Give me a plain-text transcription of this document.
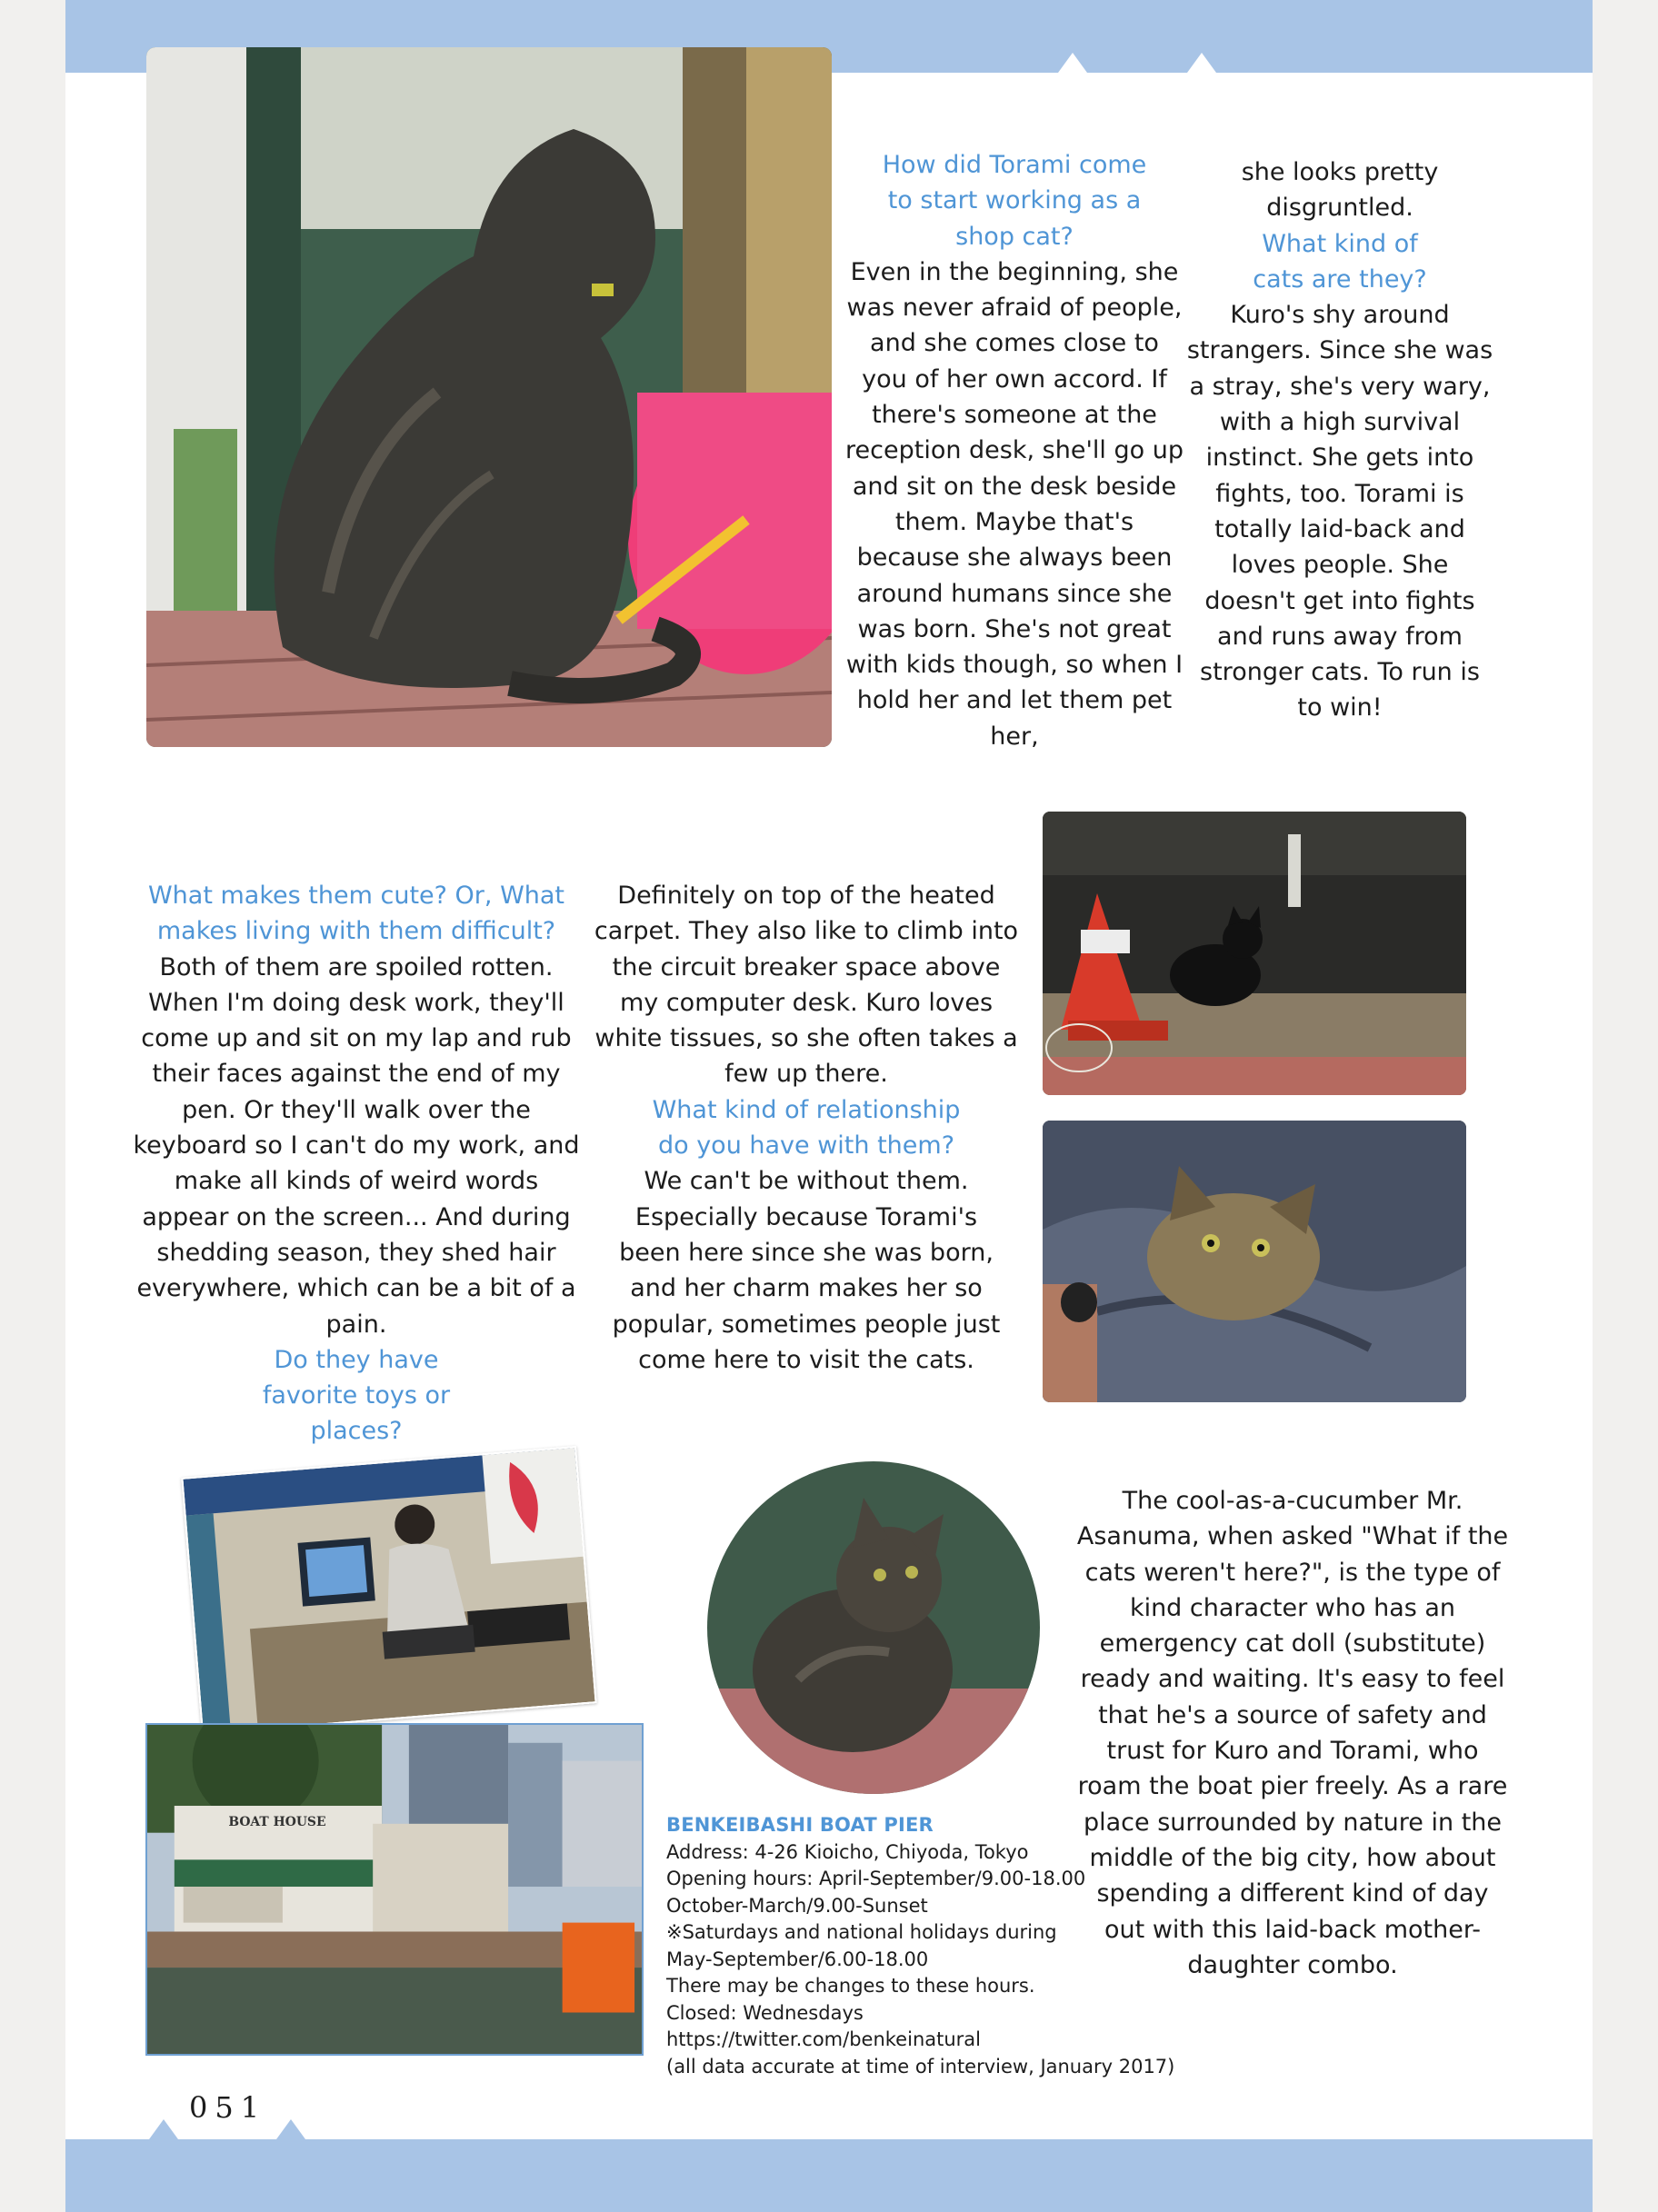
How did Torami come to start working as a shop cat?

Even in the beginning, she was never afraid of people, and she comes close to you of her own accord. If there's someone at the reception desk, she'll go up and sit on the desk beside them. Maybe that's because she always been around humans since she was born. She's not great with kids though, so when I hold her and let them pet her,

she looks pretty disgruntled.

What kind of cats are they?

Kuro's shy around strangers. Since she was a stray, she's very wary, with a high survival instinct. She gets into fights, too. Torami is totally laid-back and loves people. She doesn't get into fights and runs away from stronger cats. To run is to win!

What makes them cute? Or, What makes living with them difficult?

Both of them are spoiled rotten. When I'm doing desk work, they'll come up and sit on my lap and rub their faces against the end of my pen. Or they'll walk over the keyboard so I can't do my work, and make all kinds of weird words appear on the screen... And during shedding season, they shed hair everywhere, which can be a bit of a pain.

Do they have favorite toys or places?

Definitely on top of the heated carpet. They also like to climb into the circuit breaker space above my computer desk. Kuro loves white tissues, so she often takes a few up there.

What kind of relationship do you have with them?

We can't be without them. Especially because Torami's been here since she was born, and her charm makes her so popular, sometimes people just come here to visit the cats.

BOAT HOUSE	BENKEIBASHI BOAT PIER
Address: 4-26 Kioicho, Chiyoda, Tokyo
Opening hours: April-September/9.00-18.00
October-March/9.00-Sunset
※Saturdays and national holidays during
May-September/6.00-18.00
There may be changes to these hours.
Closed: Wednesdays
https://twitter.com/benkeinatural
(all data accurate at time of interview, January 2017)

The cool-as-a-cucumber Mr. Asanuma, when asked "What if the cats weren't here?", is the type of kind character who has an emergency cat doll (substitute) ready and waiting. It's easy to feel that he's a source of safety and trust for Kuro and Torami, who roam the boat pier freely. As a rare place surrounded by nature in the middle of the big city, how about spending a different kind of day out with this laid-back mother-daughter combo.

051
